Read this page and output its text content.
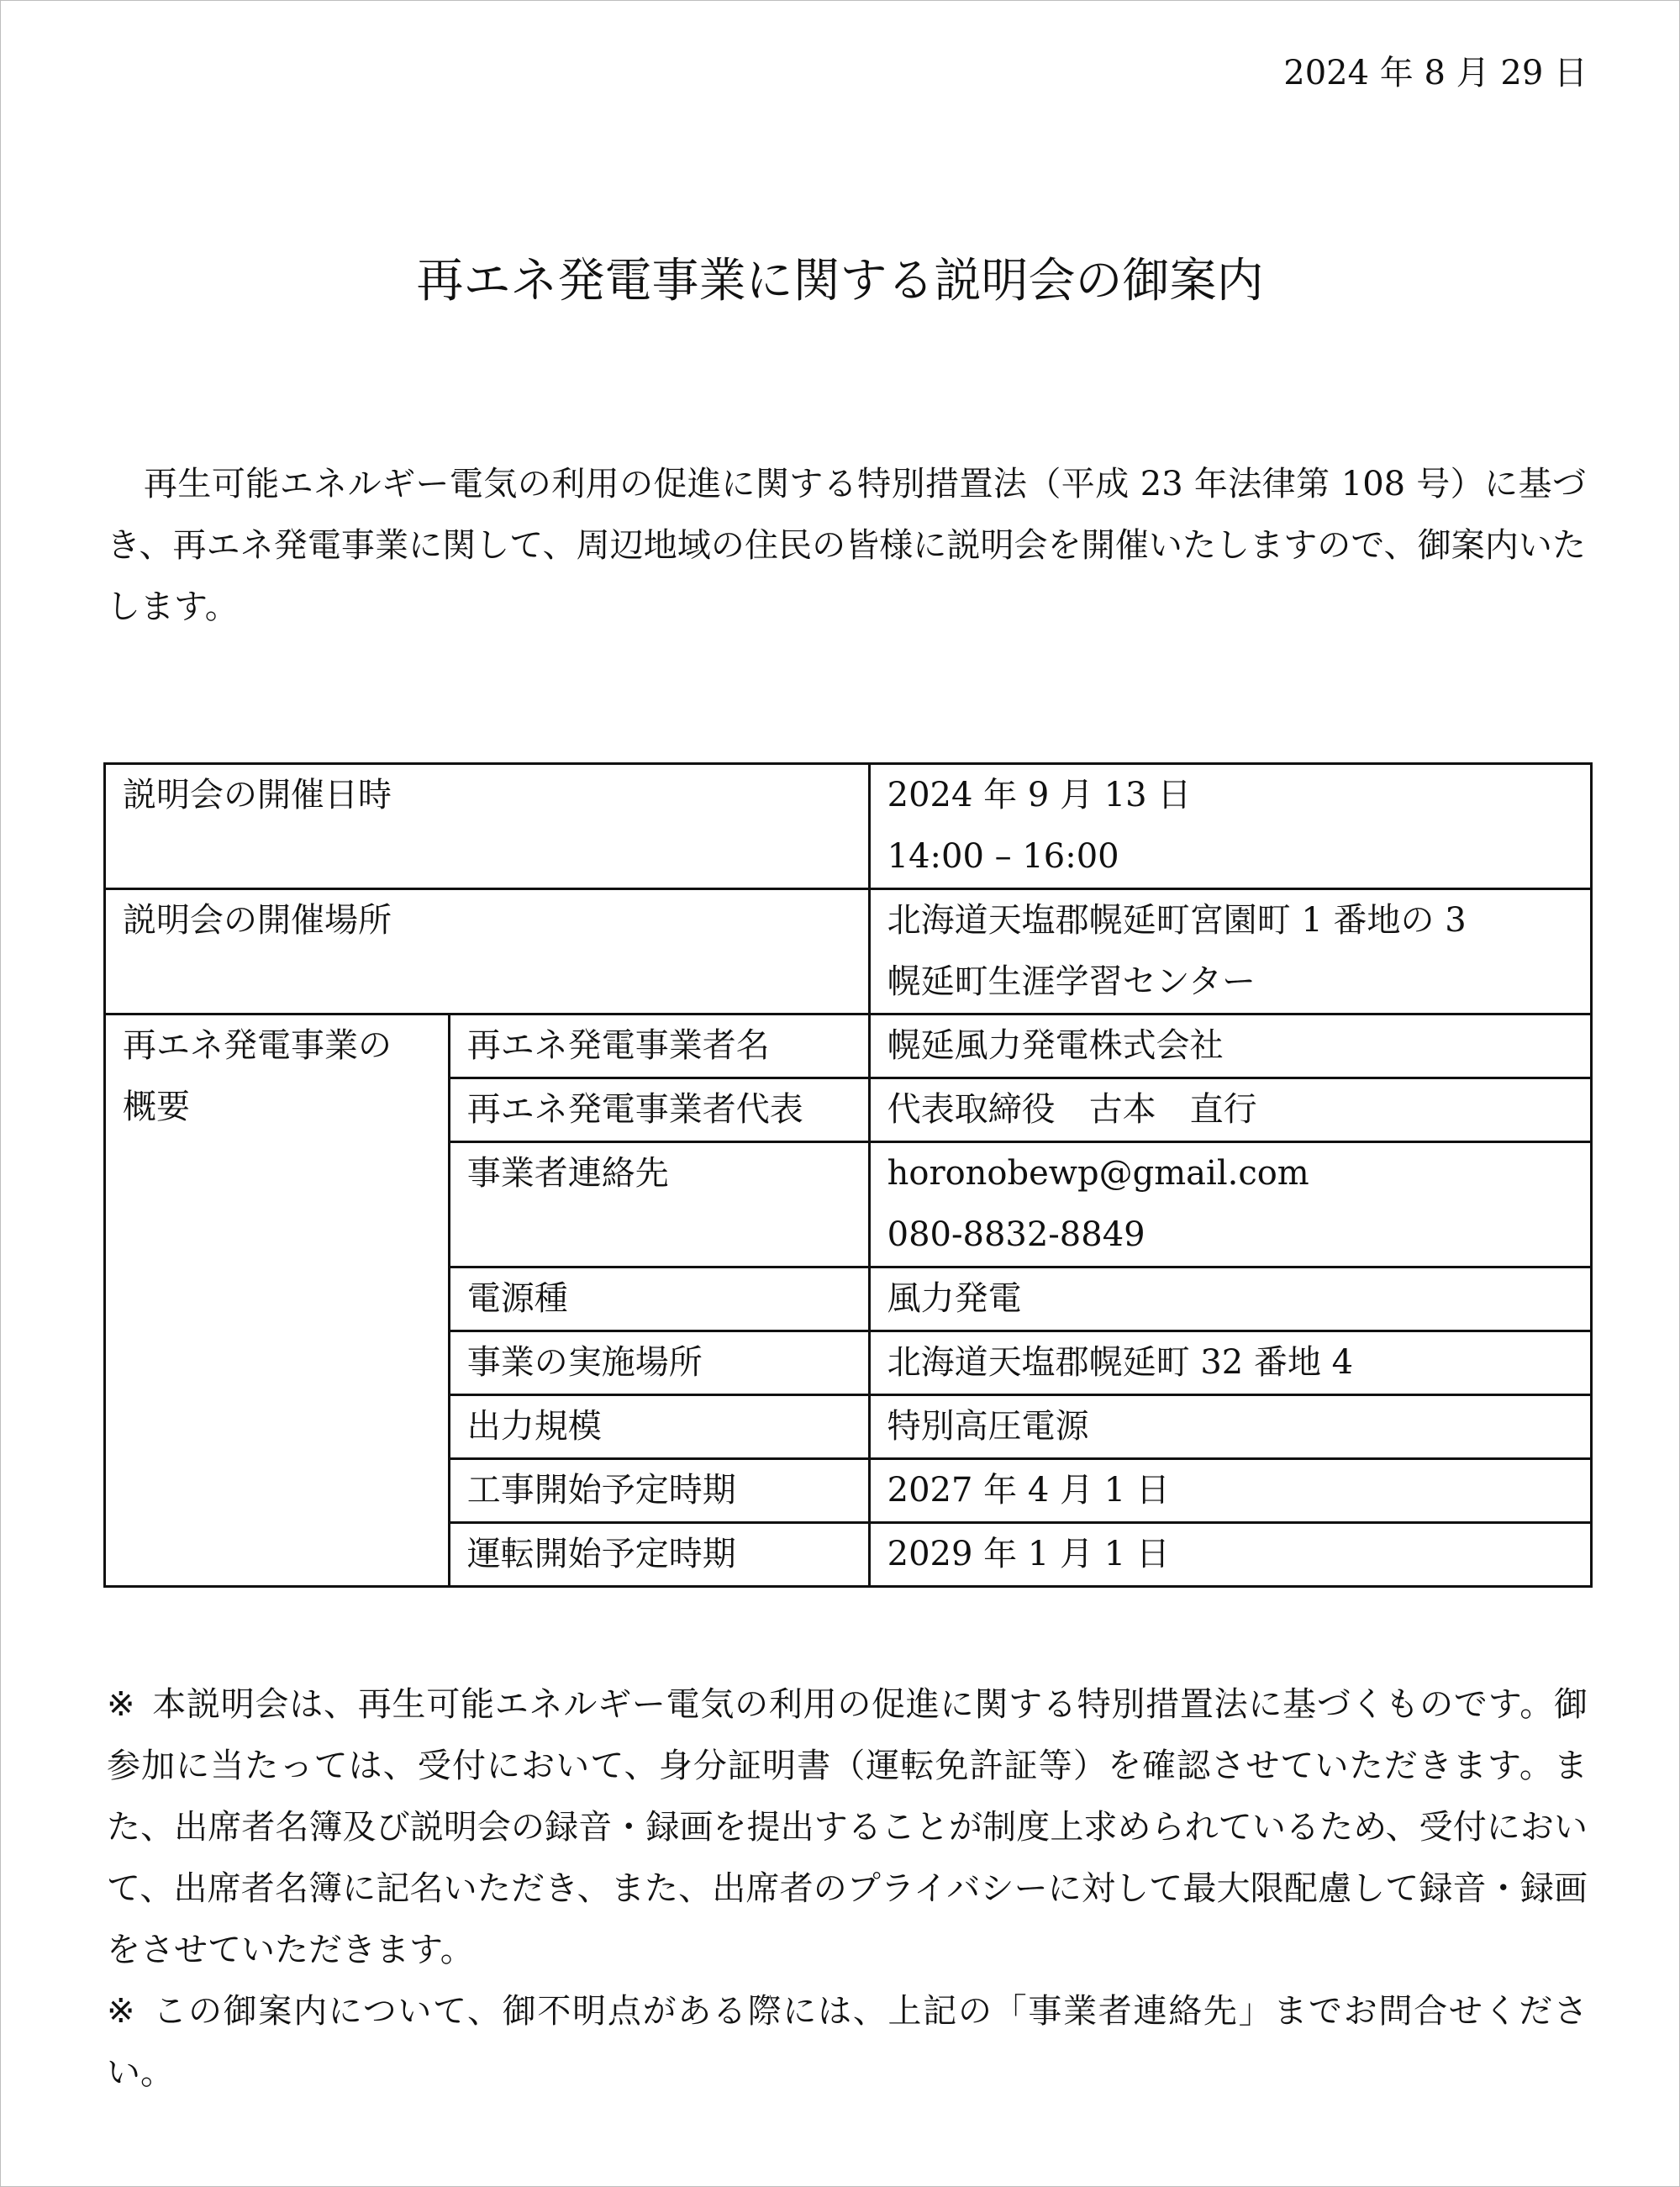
2024 年 8 月 29 日
再エネ発電事業に関する説明会の御案内

再生可能エネルギー電気の利用の促進に関する特別措置法（平成 23 年法律第 108 号）に基づき、再エネ発電事業に関して、周辺地域の住民の皆様に説明会を開催いたしますので、御案内いたします。

説明会の開催日時		2024 年 9 月 13 日
14:00 – 16:00

説明会の開催場所		北海道天塩郡幌延町宮園町 1 番地の 3
幌延町生涯学習センター

再エネ発電事業の
概要	再エネ発電事業者名	幌延風力発電株式会社
	再エネ発電事業者代表	代表取締役　古本　直行
	事業者連絡先	horonobewp@gmail.com
080-8832-8849

	電源種	風力発電
	事業の実施場所	北海道天塩郡幌延町 32 番地 4
	出力規模	特別高圧電源
	工事開始予定時期	2027 年 4 月 1 日
	運転開始予定時期	2029 年 1 月 1 日

※ 本説明会は、再生可能エネルギー電気の利用の促進に関する特別措置法に基づくものです。御参加に当たっては、受付において、身分証明書（運転免許証等）を確認させていただきます。また、出席者名簿及び説明会の録音・録画を提出することが制度上求められているため、受付において、出席者名簿に記名いただき、また、出席者のプライバシーに対して最大限配慮して録音・録画をさせていただきます。

※ この御案内について、御不明点がある際には、上記の「事業者連絡先」までお問合せください。
